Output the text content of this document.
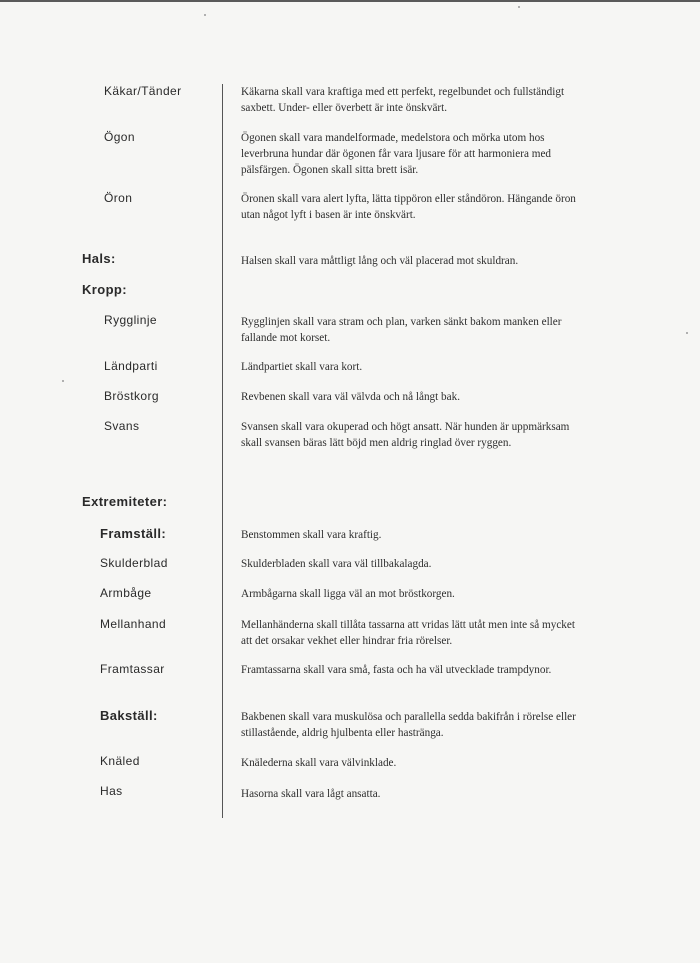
Käkar/Tänder	Käkarna skall vara kraftiga med ett perfekt, regelbundet och fullständigt saxbett. Under- eller överbett är inte önskvärt.
Ögon	Ögonen skall vara mandelformade, medelstora och mörka utom hos leverbruna hundar där ögonen får vara ljusare för att harmoniera med pälsfärgen. Ögonen skall sitta brett isär.
Öron	Öronen skall vara alert lyfta, lätta tippöron eller ståndöron. Hängande öron utan något lyft i basen är inte önskvärt.
Hals:	Halsen skall vara måttligt lång och väl placerad mot skuldran.
Kropp:
Rygglinje	Rygglinjen skall vara stram och plan, varken sänkt bakom manken eller fallande mot korset.
Ländparti	Ländpartiet skall vara kort.
Bröstkorg	Revbenen skall vara väl välvda och nå långt bak.
Svans	Svansen skall vara okuperad och högt ansatt. När hunden är uppmärksam skall svansen bäras lätt böjd men aldrig ringlad över ryggen.
Extremiteter:
Framställ:	Benstommen skall vara kraftig.
Skulderblad	Skulderbladen skall vara väl tillbakalagda.
Armbåge	Armbågarna skall ligga väl an mot bröstkorgen.
Mellanhand	Mellanhänderna skall tillåta tassarna att vridas lätt utåt men inte så mycket att det orsakar vekhet eller hindrar fria rörelser.
Framtassar	Framtassarna skall vara små, fasta och ha väl utvecklade trampdynor.
Bakställ:	Bakbenen skall vara muskulösa och parallella sedda bakifrån i rörelse eller stillastående, aldrig hjulbenta eller hasträngа.
Knäled	Knälederna skall vara välvinklade.
Has	Hasorna skall vara lågt ansatta.
